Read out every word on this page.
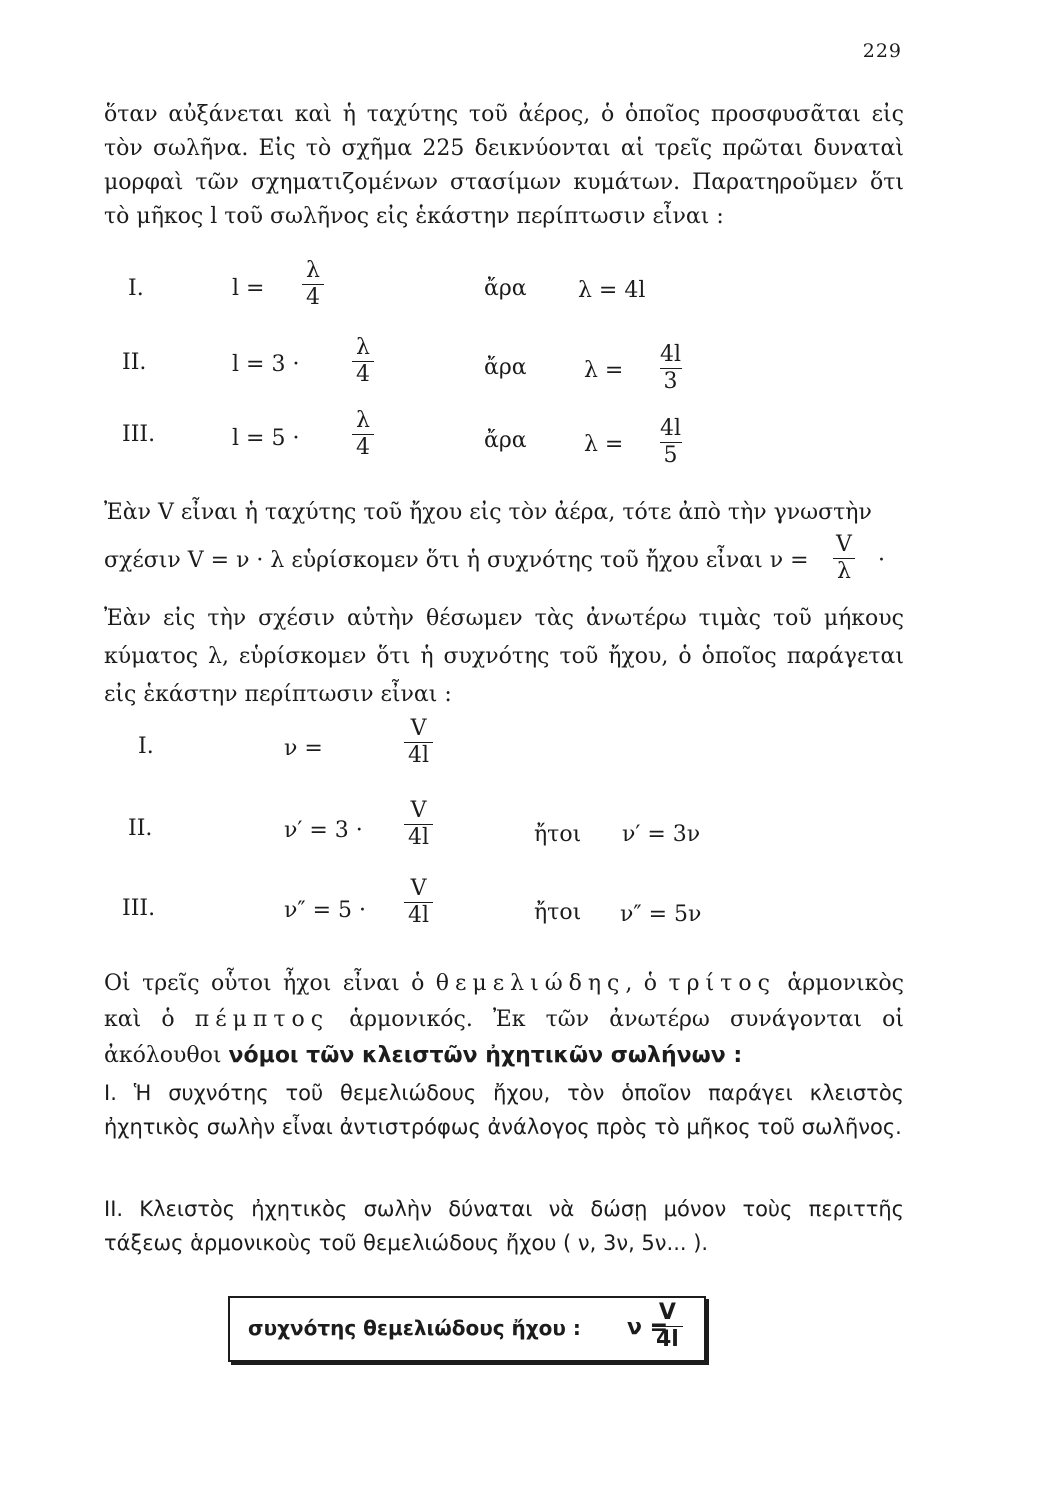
229

ὅταν αὐξάνεται καὶ ἡ ταχύτης τοῦ ἀέρος, ὁ ὁποῖος προσφυσᾶται εἰς τὸν σωλῆνα. Εἰς τὸ σχῆμα 225 δεικνύονται αἱ τρεῖς πρῶται δυναταὶ μορφαὶ τῶν σχηματιζομένων στασίμων κυμάτων. Παρατηροῦμεν ὅτι τὸ μῆκος l τοῦ σωλῆνος εἰς ἑκάστην περίπτωσιν εἶναι :

I.	$l = \frac{\lambda}{4}$	ἄρα λ = 4l
II.	$l = 3 \cdot \frac{\lambda}{4}$	ἄρα	$\lambda = \frac{4l}{3}$
III.	$l = 5 \cdot \frac{\lambda}{4}$	ἄρα	$\lambda = \frac{4l}{5}$
Ἐὰν V εἶναι ἡ ταχύτης τοῦ ἤχου εἰς τὸν ἀέρα, τότε ἀπὸ τὴν γνωστὴν
σχέσιν V = ν · λ εὑρίσκομεν ὅτι ἡ συχνότης τοῦ ἤχου εἶναι $\nu = \frac{V}{\lambda}$ ·

Ἐὰν εἰς τὴν σχέσιν αὐτὴν θέσωμεν τὰς ἀνωτέρω τιμὰς τοῦ μήκους κύματος λ, εὑρίσκομεν ὅτι ἡ συχνότης τοῦ ἤχου, ὁ ὁποῖος παράγεται εἰς ἑκάστην περίπτωσιν εἶναι :

I.	ν =	$\frac{V}{4l}$
II.	$\nu' = 3 \cdot \frac{V}{4l}$	ἤτοι ν′ = 3ν
III.	$\nu'' = 5 \cdot \frac{V}{4l}$	ἤτοι ν″ = 5ν

Οἱ τρεῖς οὗτοι ἦχοι εἶναι ὁ θεμελιώδης, ὁ τρίτος ἁρμονικὸς καὶ ὁ πέμπτος ἁρμονικός. Ἐκ τῶν ἀνωτέρω συνάγονται οἱ ἀκόλουθοι νόμοι τῶν κλειστῶν ἠχητικῶν σωλήνων :

I. Ἡ συχνότης τοῦ θεμελιώδους ἤχου, τὸν ὁποῖον παράγει κλειστὸς ἠχητικὸς σωλὴν εἶναι ἀντιστρόφως ἀνάλογος πρὸς τὸ μῆκος τοῦ σωλῆνος.

II. Κλειστὸς ἠχητικὸς σωλὴν δύναται νὰ δώσῃ μόνον τοὺς περιττῆς τάξεως ἁρμονικοὺς τοῦ θεμελιώδους ἤχου ( ν, 3ν, 5ν... ).

συχνότης θεμελιώδους ἤχου : ν =
$\frac{V}{4l}$
